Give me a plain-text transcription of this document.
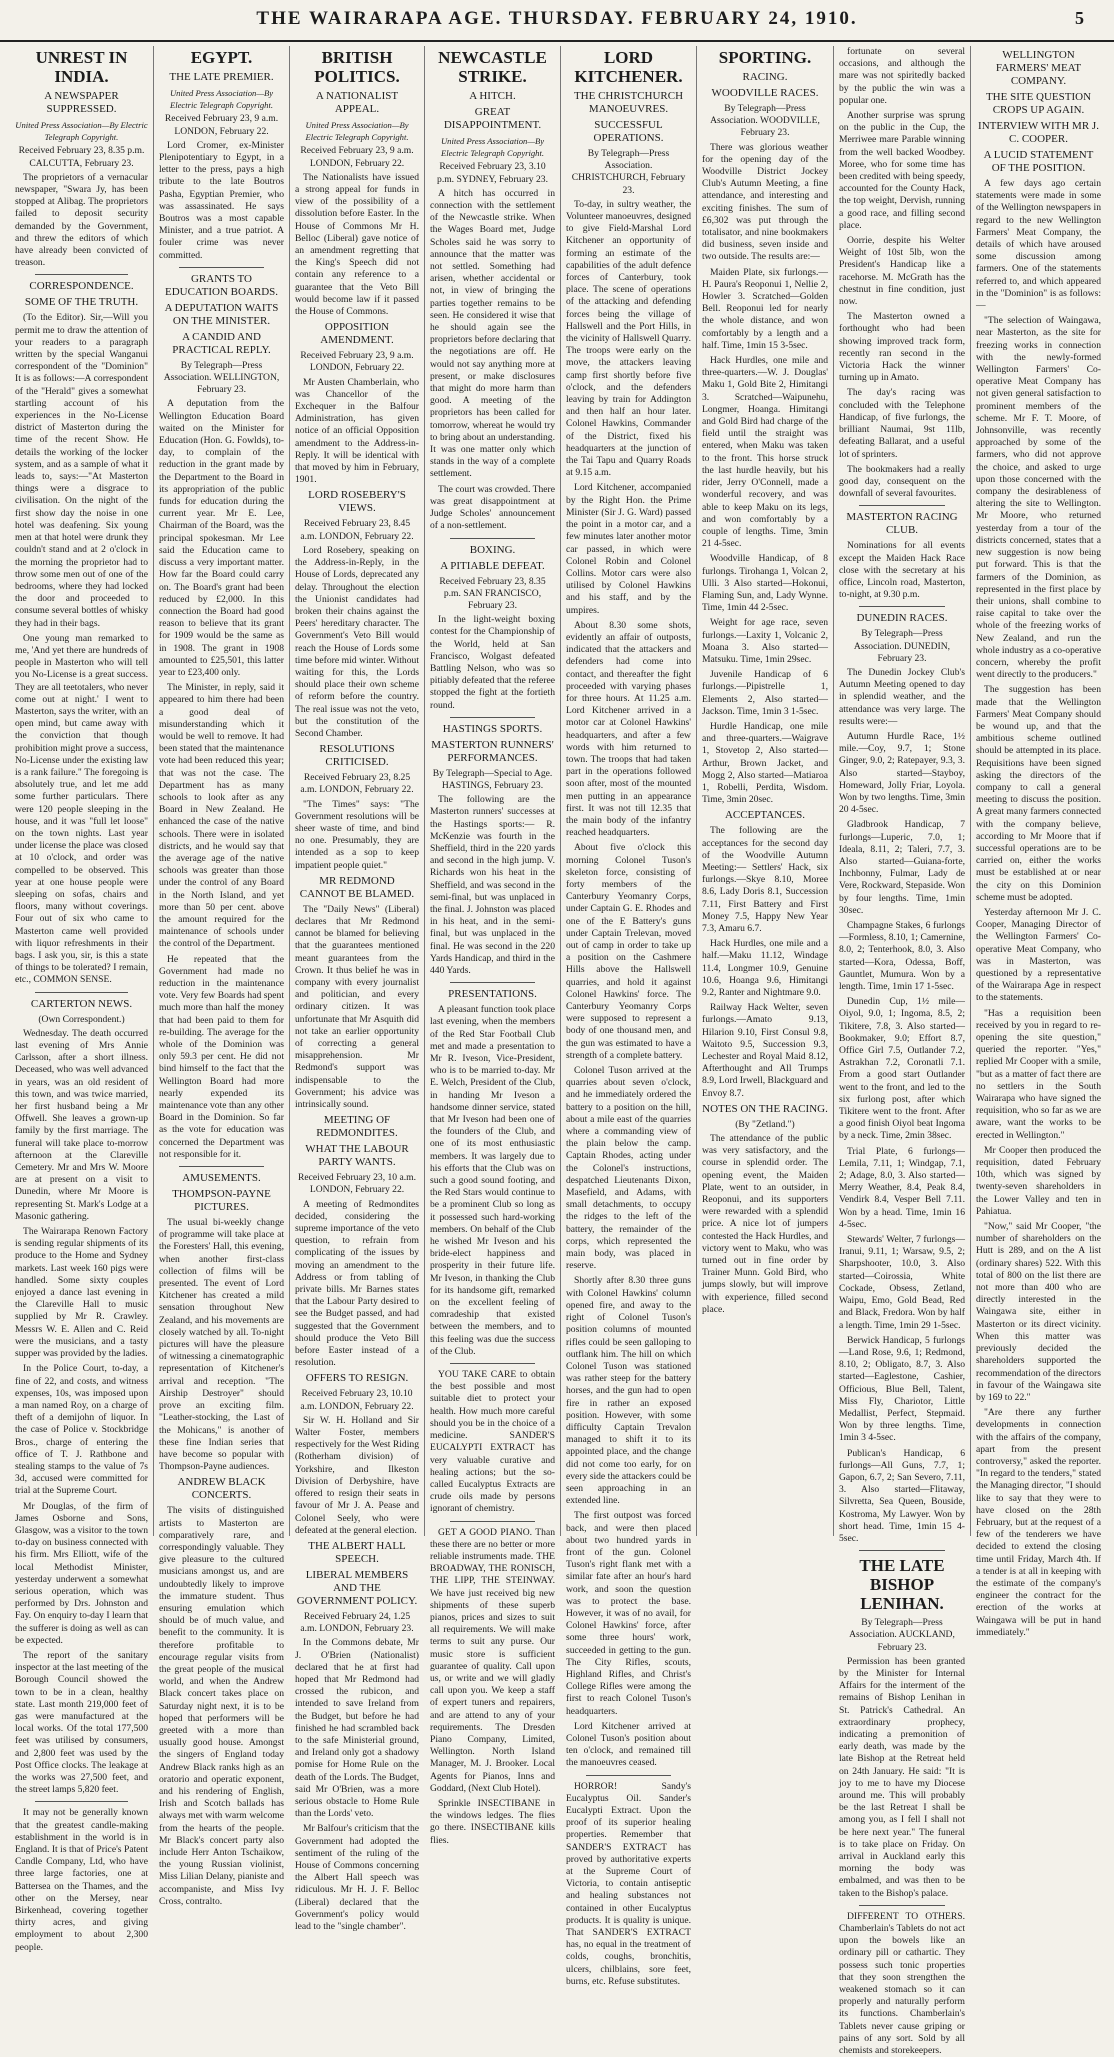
THE WAIRARAPA AGE. THURSDAY. FEBRUARY 24, 1910.	5
UNREST IN INDIA.
A NEWSPAPER SUPPRESSED.
United Press Association—By Electric Telegraph Copyright.
Received February 23, 8.35 p.m. CALCUTTA, February 23.

The proprietors of a vernacular newspaper, "Swara Jy, has been stopped at Alibag. The proprietors failed to deposit security demanded by the Government, and threw the editors of which have already been convicted of treason.

CORRESPONDENCE.
SOME OF THE TRUTH.

(To the Editor). Sir,—Will you permit me to draw the attention of your readers to a paragraph written by the special Wanganui correspondent of the "Dominion" It is as follows:—A correspondent of the "Herald" gives a somewhat startling account of his experiences in the No-License district of Masterton during the time of the recent Show. He details the working of the locker system, and as a sample of what it leads to, says:—"At Masterton things were a disgrace to civilisation. On the night of the first show day the noise in one hotel was deafening. Six young men at that hotel were drunk they couldn't stand and at 2 o'clock in the morning the proprietor had to throw some men out of one of the bedrooms, where they had locked the door and proceeded to consume several bottles of whisky they had in their bags.

One young man remarked to me, 'And yet there are hundreds of people in Masterton who will tell you No-License is a great success. They are all teetotalers, who never come out at night.' I went to Masterton, says the writer, with an open mind, but came away with the conviction that though prohibition might prove a success, No-License under the existing law is a rank failure." The foregoing is absolutely true, and let me add some further particulars. There were 120 people sleeping in the house, and it was "full let loose" on the town nights. Last year under license the place was closed at 10 o'clock, and order was compelled to be observed. This year at one house people were sleeping on sofas, chairs and floors, many without coverings. Four out of six who came to Masterton came well provided with liquor refreshments in their bags. I ask you, sir, is this a state of things to be tolerated? I remain, etc., COMMON SENSE.

CARTERTON NEWS.
(Own Correspondent.)

Wednesday. The death occurred last evening of Mrs Annie Carlsson, after a short illness. Deceased, who was well advanced in years, was an old resident of this town, and was twice married, her first husband being a Mr Offwell. She leaves a grown-up family by the first marriage. The funeral will take place to-morrow afternoon at the Clareville Cemetery. Mr and Mrs W. Moore are at present on a visit to Dunedin, where Mr Moore is representing St. Mark's Lodge at a Masonic gathering.

The Wairarapa Renown Factory is sending regular shipments of its produce to the Home and Sydney markets. Last week 160 pigs were handled. Some sixty couples enjoyed a dance last evening in the Clareville Hall to music supplied by Mr R. Crawley. Messrs W. E. Allen and C. Reid were the musicians, and a tasty supper was provided by the ladies.

In the Police Court, to-day, a fine of 22, and costs, and witness expenses, 10s, was imposed upon a man named Roy, on a charge of theft of a demijohn of liquor. In the case of Police v. Stockbridge Bros., charge of entering the office of T. J. Rathbone and stealing stamps to the value of 7s 3d, accused were committed for trial at the Supreme Court.

Mr Douglas, of the firm of James Osborne and Sons, Glasgow, was a visitor to the town to-day on business connected with his firm. Mrs Elliott, wife of the local Methodist Minister, yesterday underwent a somewhat serious operation, which was performed by Drs. Johnston and Fay. On enquiry to-day I learn that the sufferer is doing as well as can be expected.

The report of the sanitary inspector at the last meeting of the Borough Council showed the town to be in a clean, healthy state. Last month 219,000 feet of gas were manufactured at the local works. Of the total 177,500 feet was utilised by consumers, and 2,800 feet was used by the Post Office clocks. The leakage at the works was 27,500 feet, and the street lamps 5,820 feet.

It may not be generally known that the greatest candle-making establishment in the world is in England. It is that of Price's Patent Candle Company, Ltd, who have three large factories, one at Battersea on the Thames, and the other on the Mersey, near Birkenhead, covering together thirty acres, and giving employment to about 2,300 people.

EGYPT.
THE LATE PREMIER.
United Press Association—By Electric Telegraph Copyright.
Received February 23, 9 a.m. LONDON, February 22.

Lord Cromer, ex-Minister Plenipotentiary to Egypt, in a letter to the press, pays a high tribute to the late Boutros Pasha, Egyptian Premier, who was assassinated. He says Boutros was a most capable Minister, and a true patriot. A fouler crime was never committed.

GRANTS TO EDUCATION BOARDS.
A DEPUTATION WAITS ON THE MINISTER.
A CANDID AND PRACTICAL REPLY.
By Telegraph—Press Association. WELLINGTON, February 23.

A deputation from the Wellington Education Board waited on the Minister for Education (Hon. G. Fowlds), to-day, to complain of the reduction in the grant made by the Department to the Board in its appropriation of the public funds for education during the current year. Mr E. Lee, Chairman of the Board, was the principal spokesman. Mr Lee said the Education came to discuss a very important matter. How far the Board could carry on. The Board's grant had been reduced by £2,000. In this connection the Board had good reason to believe that its grant for 1909 would be the same as in 1908. The grant in 1908 amounted to £25,501, this latter year to £23,400 only.

The Minister, in reply, said it appeared to him there had been a good deal of misunderstanding which it would be well to remove. It had been stated that the maintenance vote had been reduced this year; that was not the case. The Department has as many schools to look after as any Board in New Zealand. He enhanced the case of the native schools. There were in isolated districts, and he would say that the average age of the native schools was greater than those under the control of any Board in the North Island, and yet more than 50 per cent. above the amount required for the maintenance of schools under the control of the Department.

He repeated that the Government had made no reduction in the maintenance vote. Very few Boards had spent much more than half the money that had been paid to them for re-building. The average for the whole of the Dominion was only 59.3 per cent. He did not bind himself to the fact that the Wellington Board had more nearly expended its maintenance vote than any other Board in the Dominion. So far as the vote for education was concerned the Department was not responsible for it.

AMUSEMENTS.
THOMPSON-PAYNE PICTURES.

The usual bi-weekly change of programme will take place at the Foresters' Hall, this evening, when another first-class collection of films will be presented. The event of Lord Kitchener has created a mild sensation throughout New Zealand, and his movements are closely watched by all. To-night pictures will have the pleasure of witnessing a cinematographic representation of Kitchener's arrival and reception. "The Airship Destroyer" should prove an exciting film. "Leather-stocking, the Last of the Mohicans," is another of these fine Indian series that have become so popular with Thompson-Payne audiences.

ANDREW BLACK CONCERTS.

The visits of distinguished artists to Masterton are comparatively rare, and correspondingly valuable. They give pleasure to the cultured musicians amongst us, and are undoubtedly likely to improve the immature student. Thus ensuring emulation which should be of much value, and benefit to the community. It is therefore profitable to encourage regular visits from the great people of the musical world, and when the Andrew Black concert takes place on Saturday night next, it is to be hoped that performers will be greeted with a more than usually good house. Amongst the singers of England today Andrew Black ranks high as an oratorio and operatic exponent, and his rendering of English, Irish and Scotch ballads has always met with warm welcome from the hearts of the people. Mr Black's concert party also include Herr Anton Tschaikow, the young Russian violinist, Miss Lilian Delany, pianiste and accompaniste, and Miss Ivy Cross, contralto.

BRITISH POLITICS.
A NATIONALIST APPEAL.
United Press Association—By Electric Telegraph Copyright.
Received February 23, 9 a.m. LONDON, February 22.

The Nationalists have issued a strong appeal for funds in view of the possibility of a dissolution before Easter. In the House of Commons Mr H. Belloc (Liberal) gave notice of an amendment regretting that the King's Speech did not contain any reference to a guarantee that the Veto Bill would become law if it passed the House of Commons.

OPPOSITION AMENDMENT.
Received February 23, 9 a.m. LONDON, February 22.

Mr Austen Chamberlain, who was Chancellor of the Exchequer in the Balfour Administration, has given notice of an official Opposition amendment to the Address-in-Reply. It will be identical with that moved by him in February, 1901.

LORD ROSEBERY'S VIEWS.
Received February 23, 8.45 a.m. LONDON, February 22.

Lord Rosebery, speaking on the Address-in-Reply, in the House of Lords, deprecated any delay. Throughout the election the Unionist candidates had broken their chains against the Peers' hereditary character. The Government's Veto Bill would reach the House of Lords some time before mid winter. Without waiting for this, the Lords should place their own scheme of reform before the country. The real issue was not the veto, but the constitution of the Second Chamber.

RESOLUTIONS CRITICISED.
Received February 23, 8.25 a.m. LONDON, February 22.

"The Times" says: "The Government resolutions will be sheer waste of time, and bind no one. Presumably, they are intended as a sop to keep impatient people quiet."

MR REDMOND CANNOT BE BLAMED.

The "Daily News" (Liberal) declares that Mr Redmond cannot be blamed for believing that the guarantees mentioned meant guarantees from the Crown. It thus belief he was in company with every journalist and politician, and every ordinary citizen. It was unfortunate that Mr Asquith did not take an earlier opportunity of correcting a general misapprehension. Mr Redmond's support was indispensable to the Government; his advice was intrinsically sound.

MEETING OF REDMONDITES.
WHAT THE LABOUR PARTY WANTS.
Received February 23, 10 a.m. LONDON, February 22.

A meeting of Redmondites decided, considering the supreme importance of the veto question, to refrain from complicating of the issues by moving an amendment to the Address or from tabling of private bills. Mr Barnes states that the Labour Party desired to see the Budget passed, and had suggested that the Government should produce the Veto Bill before Easter instead of a resolution.

OFFERS TO RESIGN.
Received February 23, 10.10 a.m. LONDON, February 22.

Sir W. H. Holland and Sir Walter Foster, members respectively for the West Riding (Rotherham division) of Yorkshire, and Ilkeston Division of Derbyshire, have offered to resign their seats in favour of Mr J. A. Pease and Colonel Seely, who were defeated at the general election.

THE ALBERT HALL SPEECH.
LIBERAL MEMBERS AND THE GOVERNMENT POLICY.
Received February 24, 1.25 a.m. LONDON, February 23.

In the Commons debate, Mr J. O'Brien (Nationalist) declared that he at first had hoped that Mr Redmond had crossed the rubicon, and intended to save Ireland from the Budget, but before he had finished he had scrambled back to the safe Ministerial ground, and Ireland only got a shadowy pomise for Home Rule on the death of the Lords. The Budget, said Mr O'Brien, was a more serious obstacle to Home Rule than the Lords' veto.

Mr Balfour's criticism that the Government had adopted the sentiment of the ruling of the House of Commons concerning the Albert Hall speech was ridiculous. Mr H. J. F. Belloc (Liberal) declared that the Government's policy would lead to the "single chamber".

NEWCASTLE STRIKE.
A HITCH.
GREAT DISAPPOINTMENT.
United Press Association—By Electric Telegraph Copyright.
Received February 23, 3.10 p.m. SYDNEY, February 23.

A hitch has occurred in connection with the settlement of the Newcastle strike. When the Wages Board met, Judge Scholes said he was sorry to announce that the matter was not settled. Something had arisen, whether accidental or not, in view of bringing the parties together remains to be seen. He considered it wise that he should again see the proprietors before declaring that the negotiations are off. He would not say anything more at present, or make disclosures that might do more harm than good. A meeting of the proprietors has been called for tomorrow, whereat he would try to bring about an understanding. It was one matter only which stands in the way of a complete settlement.

The court was crowded. There was great disappointment at Judge Scholes' announcement of a non-settlement.

BOXING.
A PITIABLE DEFEAT.
Received February 23, 8.35 p.m. SAN FRANCISCO, February 23.

In the light-weight boxing contest for the Championship of the World, held at San Francisco, Wolgast defeated Battling Nelson, who was so pitiably defeated that the referee stopped the fight at the fortieth round.

HASTINGS SPORTS.
MASTERTON RUNNERS' PERFORMANCES.
By Telegraph—Special to Age. HASTINGS, February 23.

The following are the Masterton runners' successes at the Hastings sports:— R. McKenzie was fourth in the Sheffield, third in the 220 yards and second in the high jump. V. Richards won his heat in the Sheffield, and was second in the semi-final, but was unplaced in the final. J. Johnston was placed in his heat, and in the semi-final, but was unplaced in the final. He was second in the 220 Yards Handicap, and third in the 440 Yards.

PRESENTATIONS.

A pleasant function took place last evening, when the members of the Red Star Football Club met and made a presentation to Mr R. Iveson, Vice-President, who is to be married to-day. Mr E. Welch, President of the Club, in handing Mr Iveson a handsome dinner service, stated that Mr Iveson had been one of the founders of the Club, and one of its most enthusiastic members. It was largely due to his efforts that the Club was on such a good sound footing, and the Red Stars would continue to be a prominent Club so long as it possessed such hard-working members. On behalf of the Club he wished Mr Iveson and his bride-elect happiness and prosperity in their future life. Mr Iveson, in thanking the Club for its handsome gift, remarked on the excellent feeling of comradeship that existed between the members, and to this feeling was due the success of the Club.

YOU TAKE CARE to obtain the best possible and most suitable diet to protect your health. How much more careful should you be in the choice of a medicine. SANDER'S EUCALYPTI EXTRACT has very valuable curative and healing actions; but the so-called Eucalyptus Extracts are crude oils made by persons ignorant of chemistry.

GET A GOOD PIANO. Than these there are no better or more reliable instruments made. THE BROADWAY, THE RONISCH, THE LIPP, THE STEINWAY. We have just received big new shipments of these superb pianos, prices and sizes to suit all requirements. We will make terms to suit any purse. Our music store is sufficient guarantee of quality. Call upon us, or write and we will gladly call upon you. We keep a staff of expert tuners and repairers, and are attend to any of your requirements. The Dresden Piano Company, Limited, Wellington. North Island Manager, M. J. Brooker. Local Agents for Pianos, Inns and Goddard, (Next Club Hotel).

Sprinkle INSECTIBANE in the windows ledges. The flies go there. INSECTIBANE kills flies.

LORD KITCHENER.
THE CHRISTCHURCH MANOEUVRES.
SUCCESSFUL OPERATIONS.
By Telegraph—Press Association. CHRISTCHURCH, February 23.

To-day, in sultry weather, the Volunteer manoeuvres, designed to give Field-Marshal Lord Kitchener an opportunity of forming an estimate of the capabilities of the adult defence forces of Canterbury, took place. The scene of operations of the attacking and defending forces being the village of Hallswell and the Port Hills, in the vicinity of Hallswell Quarry. The troops were early on the move, the attackers leaving camp first shortly before five o'clock, and the defenders leaving by train for Addington and then half an hour later. Colonel Hawkins, Commander of the District, fixed his headquarters at the junction of the Tai Tapu and Quarry Roads at 9.15 a.m.

Lord Kitchener, accompanied by the Right Hon. the Prime Minister (Sir J. G. Ward) passed the point in a motor car, and a few minutes later another motor car passed, in which were Colonel Robin and Colonel Collins. Motor cars were also utilised by Colonel Hawkins and his staff, and by the umpires.

About 8.30 some shots, evidently an affair of outposts, indicated that the attackers and defenders had come into contact, and thereafter the fight proceeded with varying phases for three hours. At 11.25 a.m. Lord Kitchener arrived in a motor car at Colonel Hawkins' headquarters, and after a few words with him returned to town. The troops that had taken part in the operations followed soon after, most of the mounted men putting in an appearance first. It was not till 12.35 that the main body of the infantry reached headquarters.

About five o'clock this morning Colonel Tuson's skeleton force, consisting of forty members of the Canterbury Yeomanry Corps, under Captain G. E. Rhodes and one of the E Battery's guns under Captain Trelevan, moved out of camp in order to take up a position on the Cashmere Hills above the Hallswell quarries, and hold it against Colonel Hawkins' force. The Canterbury Yeomanry Corps were supposed to represent a body of one thousand men, and the gun was estimated to have a strength of a complete battery.

Colonel Tuson arrived at the quarries about seven o'clock, and he immediately ordered the battery to a position on the hill, about a mile east of the quarries where a commanding view of the plain below the camp. Captain Rhodes, acting under the Colonel's instructions, despatched Lieutenants Dixon, Masefield, and Adams, with small detachments, to occupy the ridges to the left of the battery, the remainder of the corps, which represented the main body, was placed in reserve.

Shortly after 8.30 three guns with Colonel Hawkins' column opened fire, and away to the right of Colonel Tuson's position columns of mounted rifles could be seen galloping to outflank him. The hill on which Colonel Tuson was stationed was rather steep for the battery horses, and the gun had to open fire in rather an exposed position. However, with some difficulty Captain Trevalon managed to shift it to its appointed place, and the change did not come too early, for on every side the attackers could be seen approaching in an extended line.

The first outpost was forced back, and were then placed about two hundred yards in front of the gun. Colonel Tuson's right flank met with a similar fate after an hour's hard work, and soon the question was to protect the base. However, it was of no avail, for Colonel Hawkins' force, after some three hours' work, succeeded in getting to the gun. The City Rifles, scouts, Highland Rifles, and Christ's College Rifles were among the first to reach Colonel Tuson's headquarters.

Lord Kitchener arrived at Colonel Tuson's position about ten o'clock, and remained till the manoeuvres ceased.

HORROR! Sandy's Eucalyptus Oil. Sander's Eucalypti Extract. Upon the proof of its superior healing properties. Remember that SANDER'S EXTRACT has proved by authoritative experts at the Supreme Court of Victoria, to contain antiseptic and healing substances not contained in other Eucalyptus products. It is quality is unique. That SANDER'S EXTRACT has, no equal in the treatment of colds, coughs, bronchitis, ulcers, chilblains, sore feet, burns, etc. Refuse substitutes.

SPORTING.
RACING.
WOODVILLE RACES.
By Telegraph—Press Association. WOODVILLE, February 23.

There was glorious weather for the opening day of the Woodville District Jockey Club's Autumn Meeting, a fine attendance, and interesting and exciting finishes. The sum of £6,302 was put through the totalisator, and nine bookmakers did business, seven inside and two outside. The results are:—

Maiden Plate, six furlongs.—H. Paura's Reoponui 1, Nellie 2, Howler 3. Scratched—Golden Bell. Reoponui led for nearly the whole distance, and won comfortably by a length and a half. Time, 1min 15 3-5sec.

Hack Hurdles, one mile and three-quarters.—W. J. Douglas' Maku 1, Gold Bite 2, Himitangi 3. Scratched—Waipunehu, Longmer, Hoanga. Himitangi and Gold Bird had charge of the field until the straight was entered, when Maku was taken to the front. This horse struck the last hurdle heavily, but his rider, Jerry O'Connell, made a wonderful recovery, and was able to keep Maku on its legs, and won comfortably by a couple of lengths. Time, 3min 21 4-5sec.

Woodville Handicap, of 8 furlongs. Tirohanga 1, Volcan 2, Ulli. 3 Also started—Hokonui, Flaming Sun, and, Lady Wynne. Time, 1min 44 2-5sec.

Weight for age race, seven furlongs.—Laxity 1, Volcanic 2, Moana 3. Also started—Matsuku. Time, 1min 29sec.

Juvenile Handicap of 6 furlongs.—Pipistrelle 1, Elements 2, Also started—Jackson. Time, 1min 3 1-5sec.

Hurdle Handicap, one mile and three-quarters.—Waigrave 1, Stovetop 2, Also started—Arthur, Brown Jacket, and Mogg 2, Also started—Matiaroa 1, Robelli, Perdita, Wisdom. Time, 3min 20sec.

ACCEPTANCES.

The following are the acceptances for the second day of the Woodville Autumn Meeting:— Settlers' Hack, six furlongs.—Skye 8.10, Moree 8.6, Lady Doris 8.1, Succession 7.11, First Battery and First Money 7.5, Happy New Year 7.3, Amaru 6.7.

Hack Hurdles, one mile and a half.—Maku 11.12, Windage 11.4, Longmer 10.9, Genuine 10.6, Hoanga 9.6, Himitangi 9.2, Ranter and Nightmare 9.0.

Railway Hack Welter, seven furlongs.—Amato 9.13, Hilarion 9.10, First Consul 9.8, Waitoto 9.5, Succession 9.3, Lechester and Royal Maid 8.12, Afterthought and All Trumps 8.9, Lord Irwell, Blackguard and Envoy 8.7.

NOTES ON THE RACING.
(By "Zetland.")

The attendance of the public was very satisfactory, and the course in splendid order. The opening event, the Maiden Plate, went to an outsider, in Reoponui, and its supporters were rewarded with a splendid price. A nice lot of jumpers contested the Hack Hurdles, and victory went to Maku, who was turned out in fine order by Trainer Munn. Gold Bird, who jumps slowly, but will improve with experience, filled second place.

fortunate on several occasions, and although the mare was not spiritedly backed by the public the win was a popular one.

Another surprise was sprung on the public in the Cup, the Merriwee mare Parable winning from the well backed Woodbey. Moree, who for some time has been credited with being speedy, accounted for the County Hack, the top weight, Dervish, running a good race, and filling second place.

Oorrie, despite his Welter Weight of 10st 5lb, won the President's Handicap like a racehorse. M. McGrath has the chestnut in fine condition, just now.

The Masterton owned a forthought who had been showing improved track form, recently ran second in the Victoria Hack the winner turning up in Amato.

The day's racing was concluded with the Telephone Handicap, of five furlongs, the brilliant Naumai, 9st 11lb, defeating Ballarat, and a useful lot of sprinters.

The bookmakers had a really good day, consequent on the downfall of several favourites.

MASTERTON RACING CLUB.

Nominations for all events except the Maiden Hack Race close with the secretary at his office, Lincoln road, Masterton, to-night, at 9.30 p.m.

DUNEDIN RACES.
By Telegraph—Press Association. DUNEDIN, February 23.

The Dunedin Jockey Club's Autumn Meeting opened to day in splendid weather, and the attendance was very large. The results were:—

Autumn Hurdle Race, 1½ mile.—Coy, 9.7, 1; Stone Ginger, 9.0, 2; Ratepayer, 9.3, 3. Also started—Stayboy, Homeward, Jolly Friar, Loyola. Won by two lengths. Time, 3min 20 4-5sec.

Gladbrook Handicap, 7 furlongs—Luperic, 7.0, 1; Ideala, 8.11, 2; Taleri, 7.7, 3. Also started—Guiana-forte, Inchbonny, Fulmar, Lady de Vere, Rockward, Stepaside. Won by four lengths. Time, 1min 30sec.

Champagne Stakes, 6 furlongs—Formless, 8.10, 1; Camernine, 8.0, 2; Tenterhook, 8.0, 3. Also started—Kora, Odessa, Boff, Gauntlet, Mumura. Won by a length. Time, 1min 17 1-5sec.

Dunedin Cup, 1½ mile—Oiyol, 9.0, 1; Ingoma, 8.5, 2; Tikitere, 7.8, 3. Also started—Bookmaker, 9.0; Effort 8.7, Office Girl 7.5, Outlander 7.2, Astrakhan 7.2, Coronatli 7.1. From a good start Outlander went to the front, and led to the six furlong post, after which Tikitere went to the front. After a good finish Oiyol beat Ingoma by a neck. Time, 2min 38sec.

Trial Plate, 6 furlongs—Lemila, 7.11, 1; Windgap, 7.1, 2; Adage, 8.0, 3. Also started—Merry Weather, 8.4, Peak 8.4, Vendirk 8.4, Vesper Bell 7.11. Won by a head. Time, 1min 16 4-5sec.

Stewards' Welter, 7 furlongs—Iranui, 9.11, 1; Warsaw, 9.5, 2; Sharpshooter, 10.0, 3. Also started—Coirossia, White Cockade, Obsess, Zetland, Waipu, Emo, Gold Bead, Red and Black, Fredora. Won by half a length. Time, 1min 29 1-5sec.

Berwick Handicap, 5 furlongs—Land Rose, 9.6, 1; Redmond, 8.10, 2; Obligato, 8.7, 3. Also started—Eaglestone, Cashier, Officious, Blue Bell, Talent, Miss Fly, Chariotor, Little Medallist, Perfect, Stepmaid. Won by three lengths. Time, 1min 3 4-5sec.

Publican's Handicap, 6 furlongs—All Guns, 7.7, 1; Gapon, 6.7, 2; San Severo, 7.11, 3. Also started—Flitaway, Silvretta, Sea Queen, Bouside, Kostroma, My Lawyer. Won by short head. Time, 1min 15 4-5sec.

THE LATE BISHOP LENIHAN.
By Telegraph—Press Association. AUCKLAND, February 23.

Permission has been granted by the Minister for Internal Affairs for the interment of the remains of Bishop Lenihan in St. Patrick's Cathedral. An extraordinary prophecy, indicating a premonition of early death, was made by the late Bishop at the Retreat held on 24th January. He said: "It is joy to me to have my Diocese around me. This will probably be the last Retreat I shall be among you, as I fell I shall not be here next year." The funeral is to take place on Friday. On arrival in Auckland early this morning the body was embalmed, and was then to be taken to the Bishop's palace.

DIFFERENT TO OTHERS. Chamberlain's Tablets do not act upon the bowels like an ordinary pill or cathartic. They possess such tonic properties that they soon strengthen the weakened stomach so it can properly and naturally perform its functions. Chamberlain's Tablets never cause griping or pains of any sort. Sold by all chemists and storekeepers.

WELLINGTON FARMERS' MEAT COMPANY.
THE SITE QUESTION CROPS UP AGAIN.
INTERVIEW WITH MR J. C. COOPER.
A LUCID STATEMENT OF THE POSITION.

A few days ago certain statements were made in some of the Wellington newspapers in regard to the new Wellington Farmers' Meat Company, the details of which have aroused some discussion among farmers. One of the statements referred to, and which appeared in the "Dominion" is as follows:—

"The selection of Waingawa, near Masterton, as the site for freezing works in connection with the newly-formed Wellington Farmers' Co-operative Meat Company has not given general satisfaction to prominent members of the scheme. Mr F. T. Moore, of Johnsonville, was recently approached by some of the farmers, who did not approve the choice, and asked to urge upon those concerned with the company the desirableness of altering the site to Wellington. Mr Moore, who returned yesterday from a tour of the districts concerned, states that a new suggestion is now being put forward. This is that the farmers of the Dominion, as represented in the first place by their unions, shall combine to raise capital to take over the whole of the freezing works of New Zealand, and run the whole industry as a co-operative concern, whereby the profit went directly to the producers."

The suggestion has been made that the Wellington Farmers' Meat Company should be wound up, and that the ambitious scheme outlined should be attempted in its place. Requisitions have been signed asking the directors of the company to call a general meeting to discuss the position. A great many farmers connected with the company believe, according to Mr Moore that if successful operations are to be carried on, either the works must be established at or near the city on this Dominion scheme must be adopted.

Yesterday afternoon Mr J. C. Cooper, Managing Director of the Wellington Farmers' Co-operative Meat Company, who was in Masterton, was questioned by a representative of the Wairarapa Age in respect to the statements.

"Has a requisition been received by you in regard to re-opening the site question," queried the reporter. "Yes," replied Mr Cooper with a smile, "but as a matter of fact there are no settlers in the South Wairarapa who have signed the requisition, who so far as we are aware, want the works to be erected in Wellington."

Mr Cooper then produced the requisition, dated February 10th, which was signed by twenty-seven shareholders in the Lower Valley and ten in Pahiatua.

"Now," said Mr Cooper, "the number of shareholders on the Hutt is 289, and on the A list (ordinary shares) 522. With this total of 800 on the list there are not more than 400 who are directly interested in the Waingawa site, either in Masterton or its direct vicinity. When this matter was previously decided the shareholders supported the recommendation of the directors in favour of the Waingawa site by 169 to 22."

"Are there any further developments in connection with the affairs of the company, apart from the present controversy," asked the reporter. "In regard to the tenders," stated the Managing director, "I should like to say that they were to have closed on the 28th February, but at the request of a few of the tenderers we have decided to extend the closing time until Friday, March 4th. If a tender is at all in keeping with the estimate of the company's engineer the contract for the erection of the works at Waingawa will be put in hand immediately."
